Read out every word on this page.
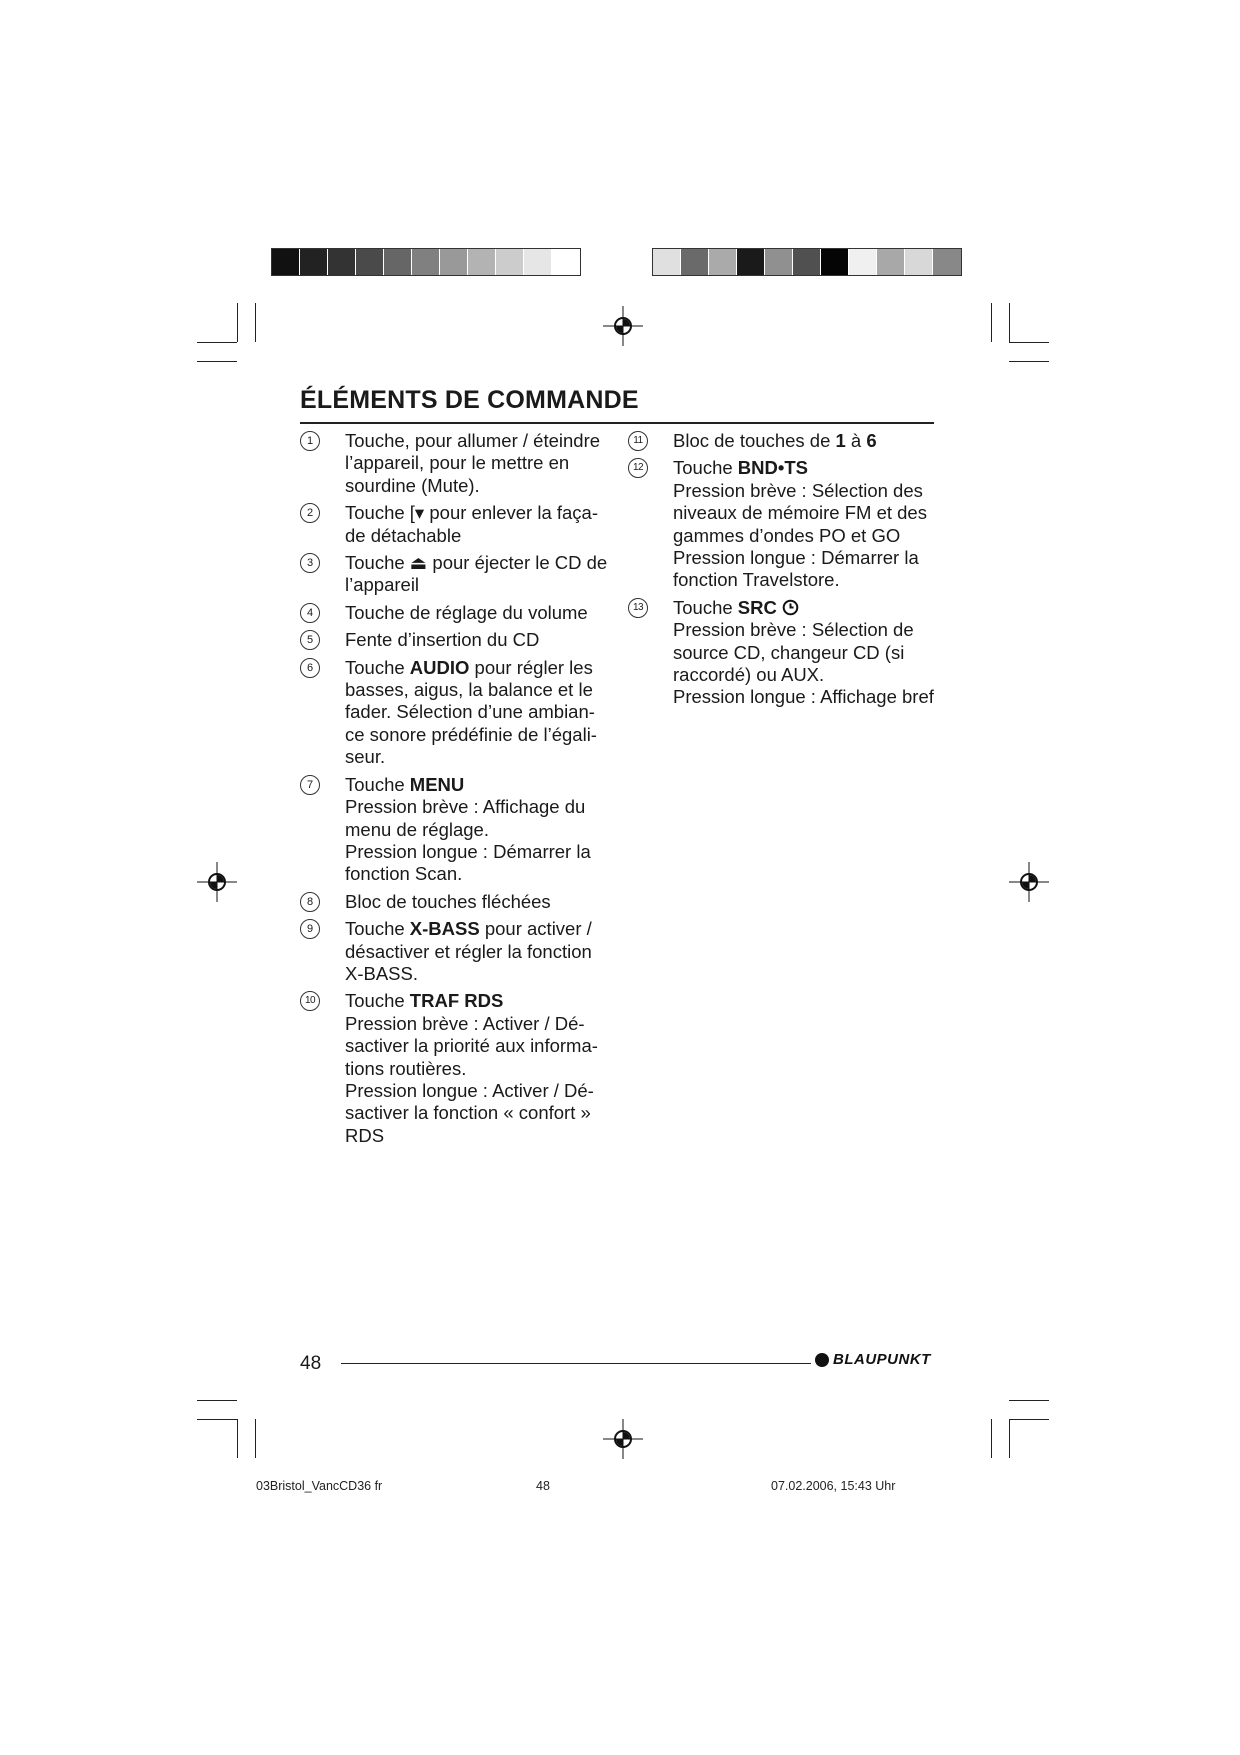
ÉLÉMENTS DE COMMANDE
1	Touche, pour allumer / éteindre

l’appareil, pour le mettre en

sourdine (Mute).

2	Touche [▾ pour enlever la faça-

de détachable

3	Touche ⏏ pour éjecter le CD de

l’appareil

4	Touche de réglage du volume

5	Fente d’insertion du CD

6	Touche AUDIO pour régler les

basses, aigus, la balance et le

fader. Sélection d’une ambian-

ce sonore prédéfinie de l’égali-

seur.

7	Touche MENU

Pression brève : Affichage du

menu de réglage.

Pression longue : Démarrer la

fonction Scan.

8	Bloc de touches fléchées

9	Touche X-BASS pour activer /

désactiver et régler la fonction

X-BASS.

10 Touche TRAF RDS

Pression brève : Activer / Dé-

sactiver la priorité aux informa-

tions routières.

Pression longue : Activer / Dé-

sactiver la fonction « confort »

RDS

11 Bloc de touches de 1 à 6

12 Touche BND•TS

Pression brève : Sélection des

niveaux de mémoire FM et des

gammes d’ondes PO et GO

Pression longue : Démarrer la

fonction Travelstore.

13 Touche SRC

Pression brève : Sélection de

source CD, changeur CD (si

raccordé) ou AUX.

Pression longue : Affichage bref

48	BLAUPUNKT
03Bristol_VancCD36 fr	48	07.02.2006, 15:43 Uhr
